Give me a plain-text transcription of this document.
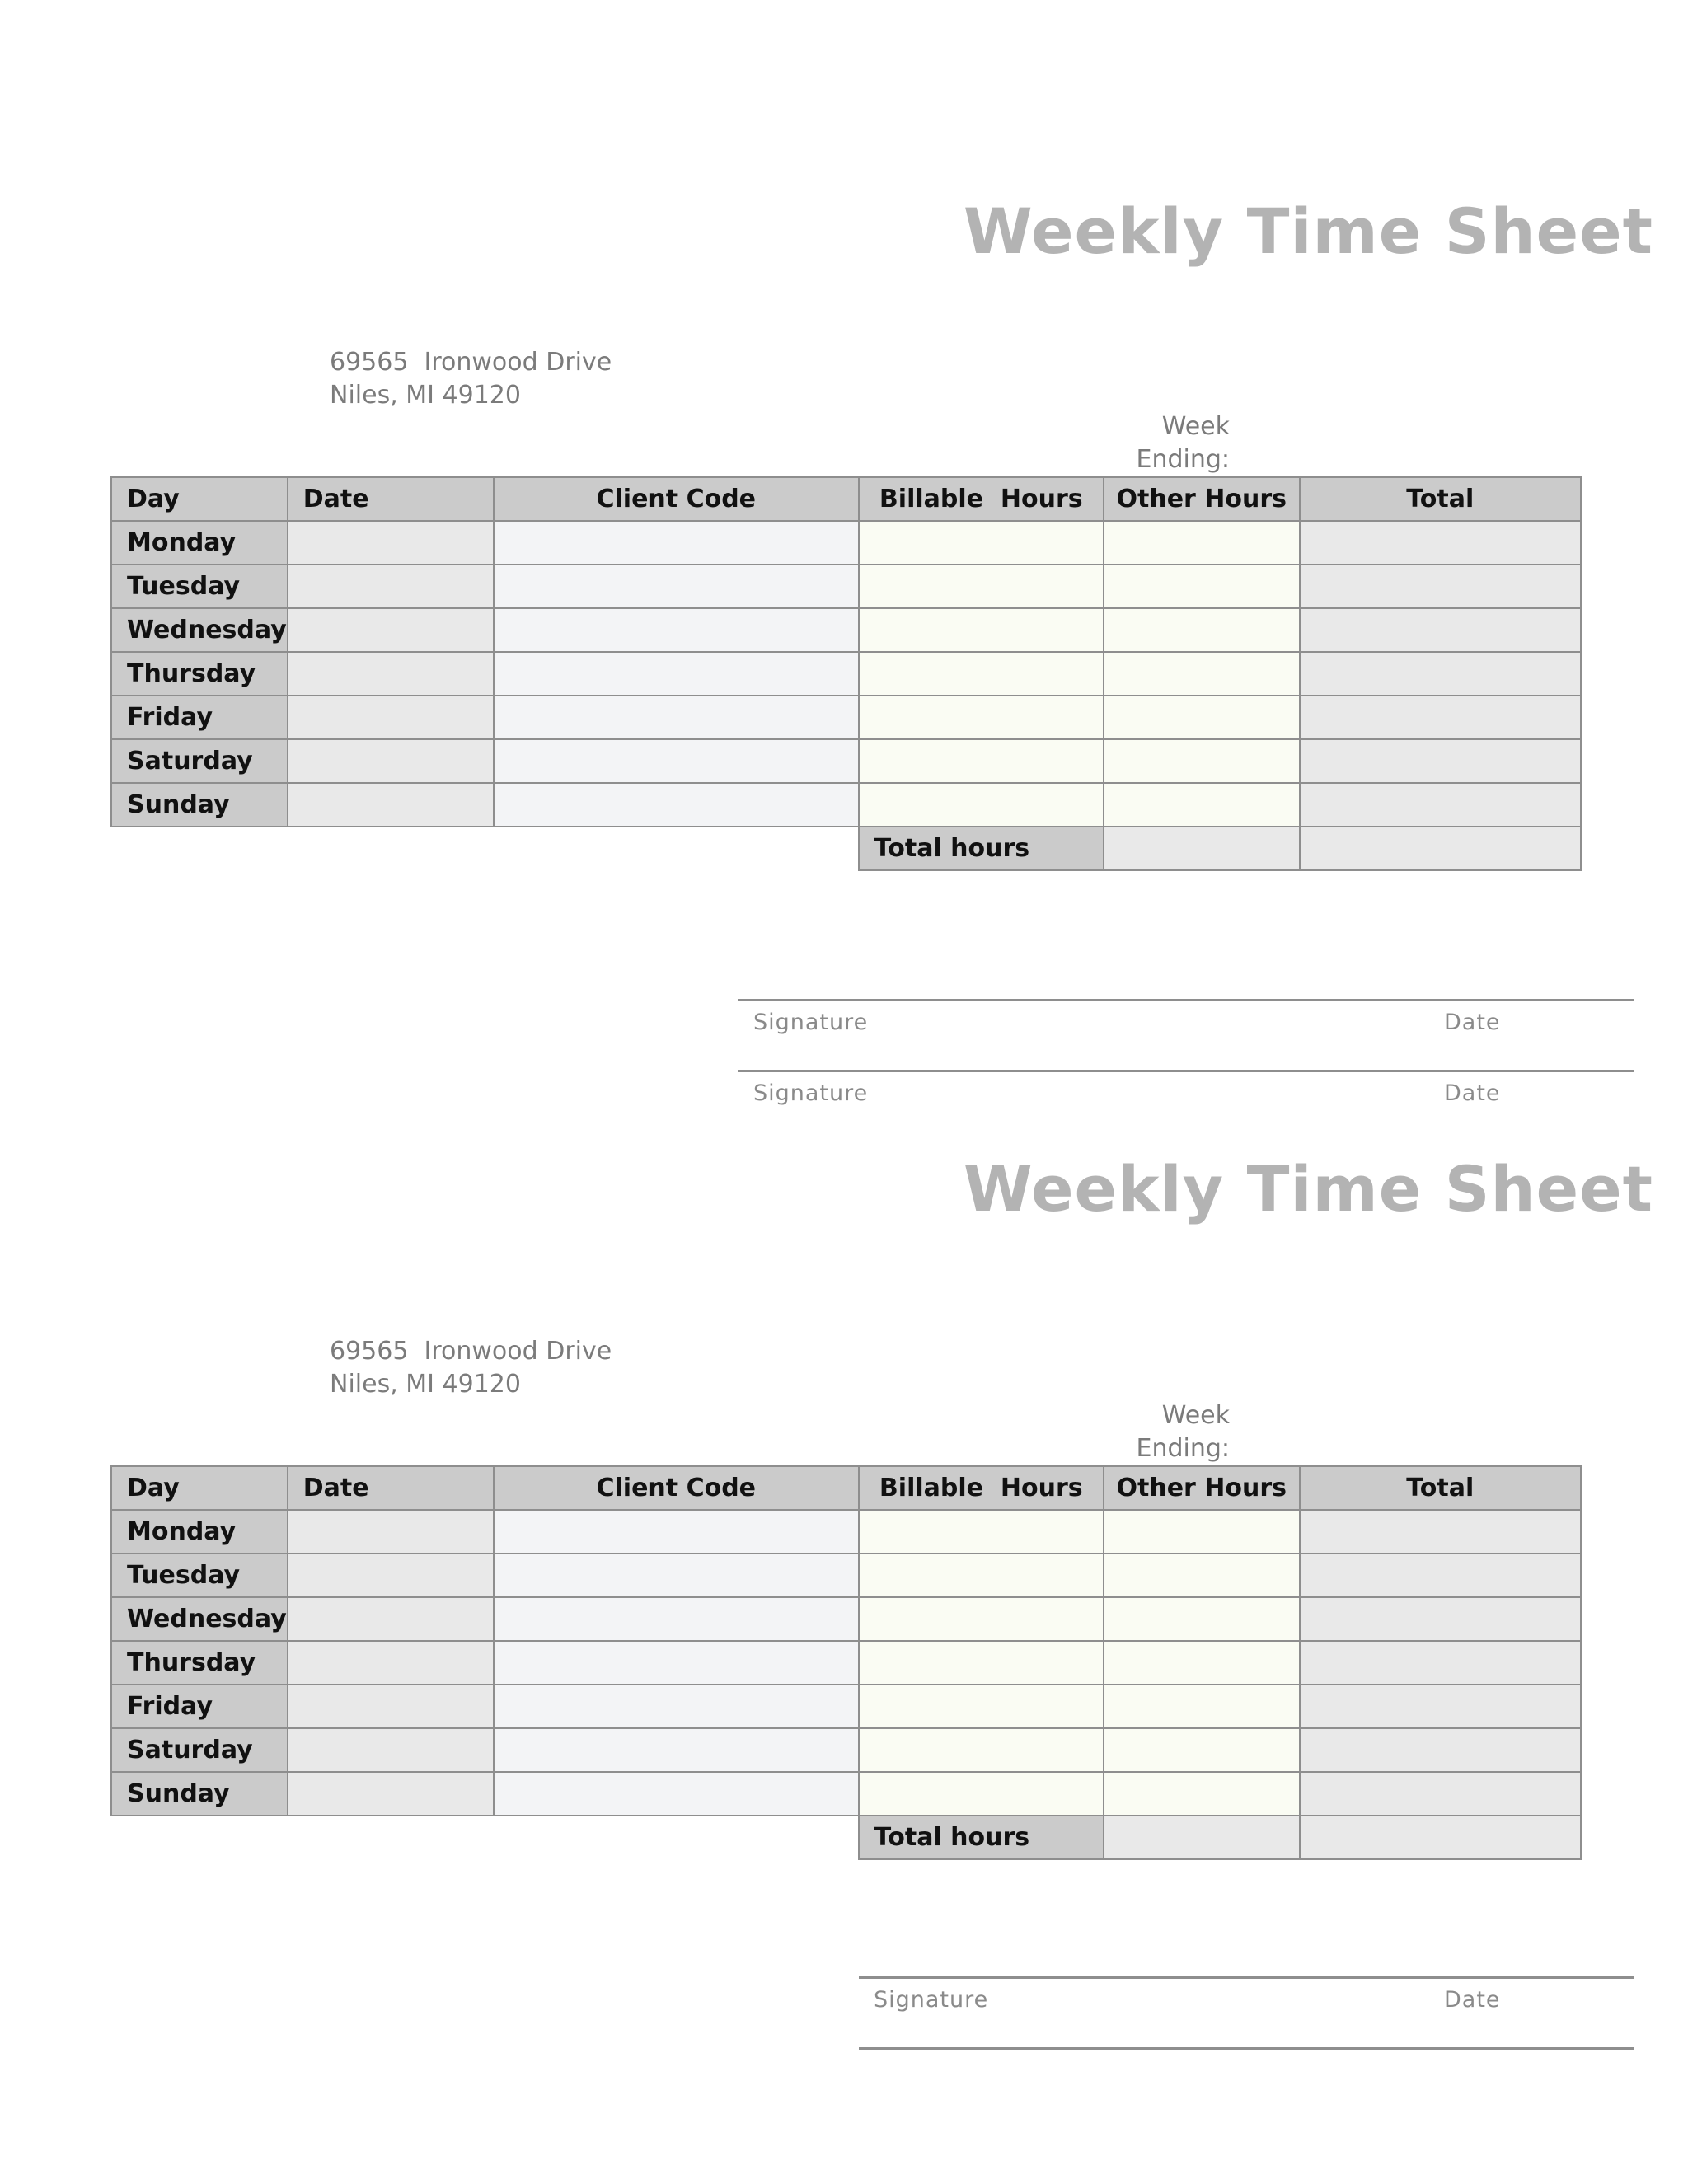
Weekly Time Sheet
69565  Ironwood Drive
Niles, MI 49120
Week
Ending:
Day	Date	Client Code	Billable  Hours	Other Hours	Total
Monday					
Tuesday					
Wednesday					
Thursday					
Friday					
Saturday					
Sunday					
			Total hours		
Signature	Date
Signature	Date
Weekly Time Sheet
69565  Ironwood Drive
Niles, MI 49120
Week
Ending:
Day	Date	Client Code	Billable  Hours	Other Hours	Total
Monday					
Tuesday					
Wednesday					
Thursday					
Friday					
Saturday					
Sunday					
			Total hours		
Signature	Date
